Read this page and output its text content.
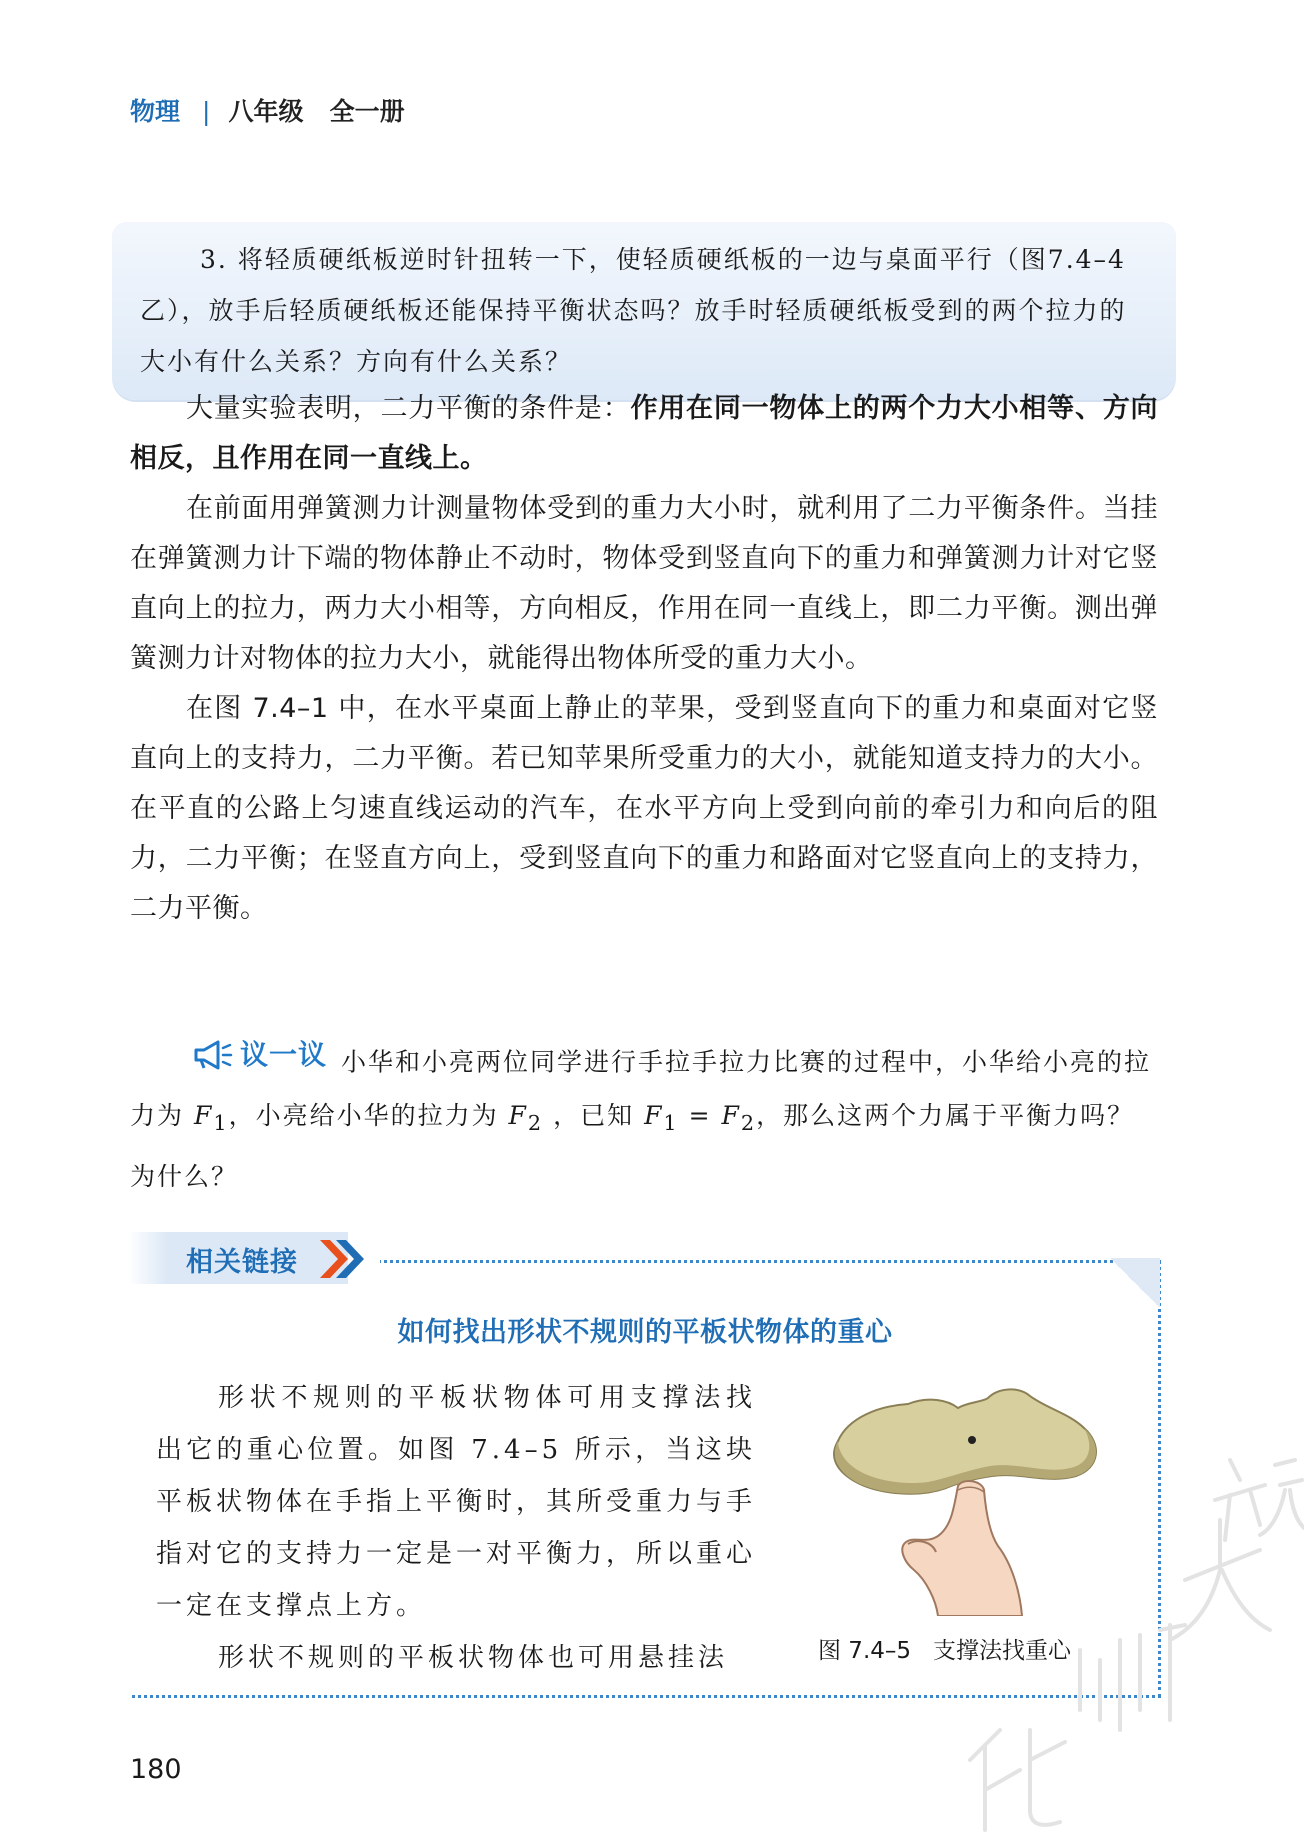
物理 | 八年级   全一册
3. 将轻质硬纸板逆时针扭转一下，使轻质硬纸板的一边与桌面平行（图7.4–4 乙），放手后轻质硬纸板还能保持平衡状态吗？放手时轻质硬纸板受到的两个拉力的大小有什么关系？方向有什么关系？

大量实验表明，二力平衡的条件是：作用在同一物体上的两个力大小相等、方向相反，且作用在同一直线上。

在前面用弹簧测力计测量物体受到的重力大小时，就利用了二力平衡条件。当挂在弹簧测力计下端的物体静止不动时，物体受到竖直向下的重力和弹簧测力计对它竖直向上的拉力，两力大小相等，方向相反，作用在同一直线上，即二力平衡。测出弹簧测力计对物体的拉力大小，就能得出物体所受的重力大小。

在图 7.4–1 中，在水平桌面上静止的苹果，受到竖直向下的重力和桌面对它竖直向上的支持力，二力平衡。若已知苹果所受重力的大小，就能知道支持力的大小。在平直的公路上匀速直线运动的汽车，在水平方向上受到向前的牵引力和向后的阻力，二力平衡；在竖直方向上，受到竖直向下的重力和路面对它竖直向上的支持力，二力平衡。

议一议 小华和小亮两位同学进行手拉手拉力比赛的过程中，小华给小亮的拉力为 $F_1$，小亮给小华的拉力为 $F_2$ ，已知 $F_1 = F_2$，那么这两个力属于平衡力吗？为什么？
相关链接
如何找出形状不规则的平板状物体的重心

形状不规则的平板状物体可用支撑法找出它的重心位置。如图 7.4–5 所示，当这块平板状物体在手指上平衡时，其所受重力与手指对它的支持力一定是一对平衡力，所以重心一定在支撑点上方。

形状不规则的平板状物体也可用悬挂法	图 7.4–5 支撑法找重心
180
